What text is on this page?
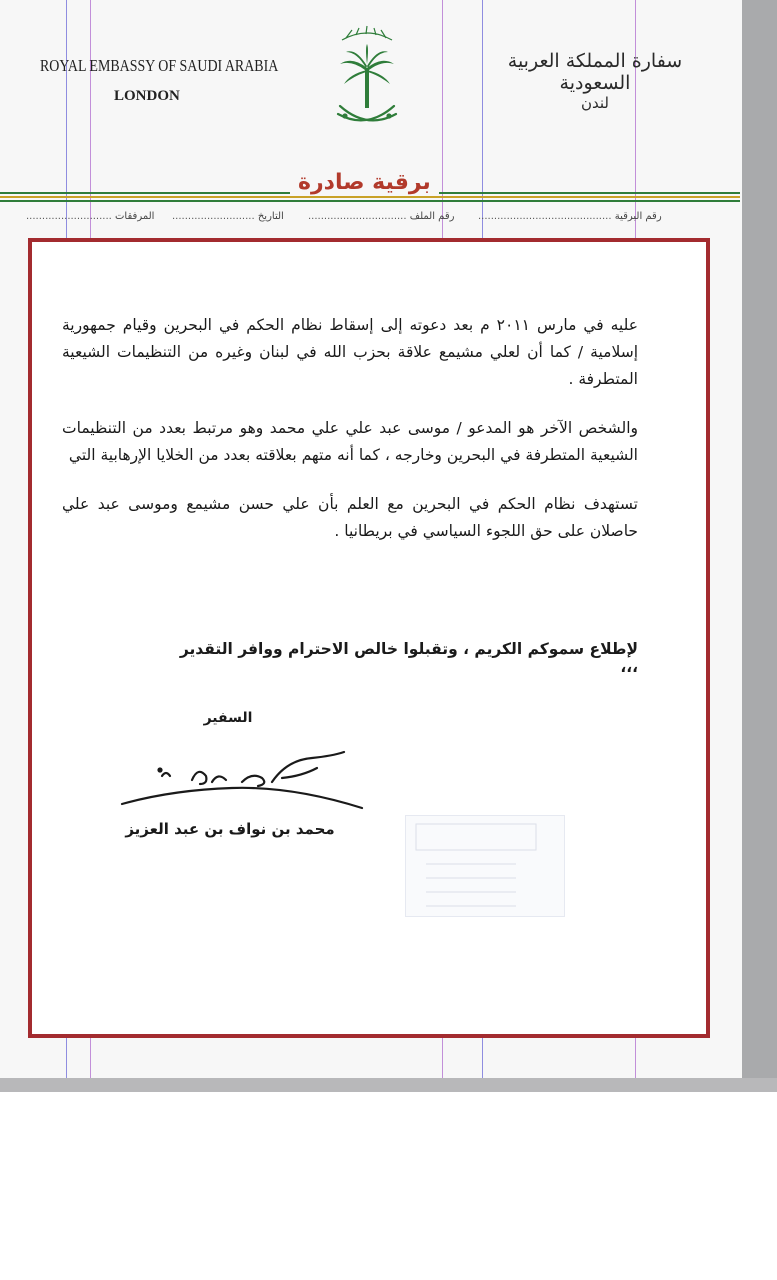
ROYAL EMBASSY OF SAUDI ARABIA
LONDON
سفارة المملكة العربية السعودية
لندن
برقية صادرة
رقم البرقية ..........................................
رقم الملف ...............................
التاريخ ..........................
المرفقات ...........................

عليه في مارس ٢٠١١ م بعد دعوته إلى إسقاط نظام الحكم في البحرين وقيام جمهورية إسلامية / كما أن لعلي مشيمع علاقة بحزب الله في لبنان وغيره من التنظيمات الشيعية المتطرفة .

والشخص الآخر هو المدعو / موسى عبد علي علي محمد وهو مرتبط بعدد من التنظيمات الشيعية المتطرفة في البحرين وخارجه ، كما أنه متهم بعلاقته بعدد من الخلايا الإرهابية التي

تستهدف نظام الحكم في البحرين مع العلم بأن علي حسن مشيمع وموسى عبد علي حاصلان على حق اللجوء السياسي في بريطانيا .

لإطلاع سموكم الكريم ، وتقبلوا خالص الاحترام ووافر التقدير ،،،
السفير
محمد بن نواف بن عبد العزيز
